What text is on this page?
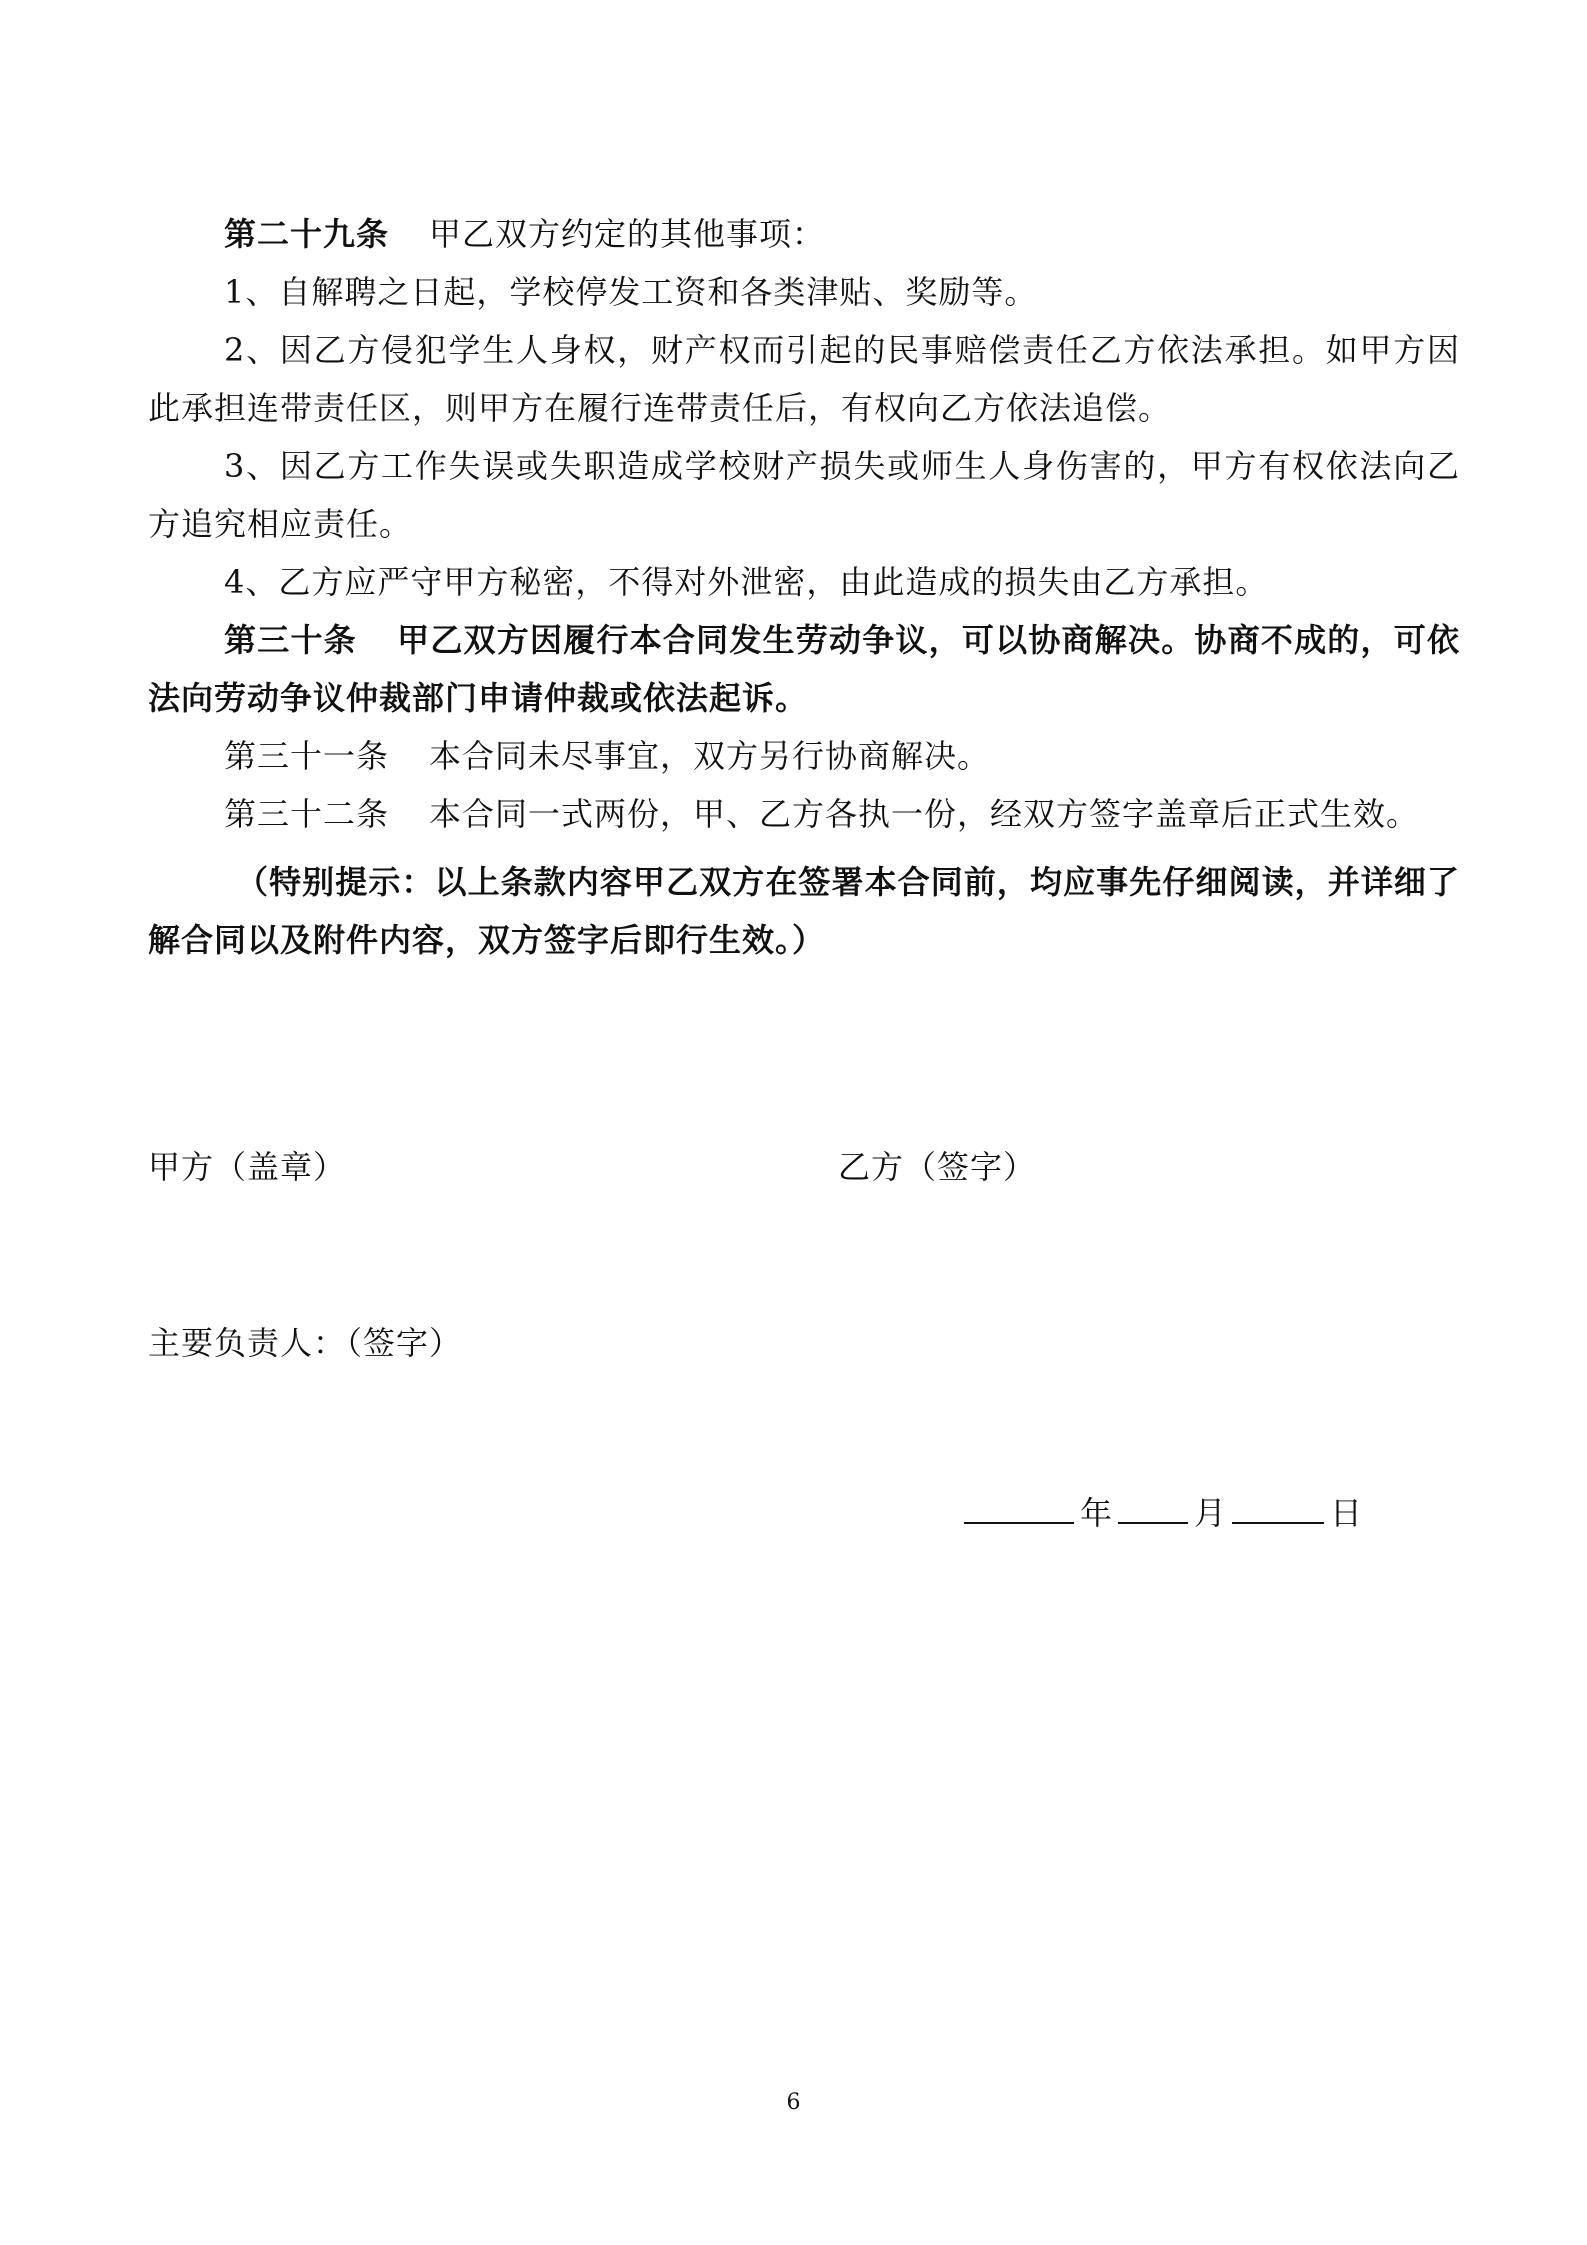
第二十九条 甲乙双方约定的其他事项：

1、自解聘之日起，学校停发工资和各类津贴、奖励等。

2、因乙方侵犯学生人身权，财产权而引起的民事赔偿责任乙方依法承担。如甲方因此承担连带责任区，则甲方在履行连带责任后，有权向乙方依法追偿。

3、因乙方工作失误或失职造成学校财产损失或师生人身伤害的，甲方有权依法向乙方追究相应责任。

4、乙方应严守甲方秘密，不得对外泄密，由此造成的损失由乙方承担。

第三十条 甲乙双方因履行本合同发生劳动争议，可以协商解决。协商不成的，可依法向劳动争议仲裁部门申请仲裁或依法起诉。

第三十一条 本合同未尽事宜，双方另行协商解决。

第三十二条 本合同一式两份，甲、乙方各执一份，经双方签字盖章后正式生效。

（特别提示：以上条款内容甲乙双方在签署本合同前，均应事先仔细阅读，并详细了解合同以及附件内容，双方签字后即行生效。）

甲方（盖章）	乙方（签字）
主要负责人：（签字）
年	月	日
6
